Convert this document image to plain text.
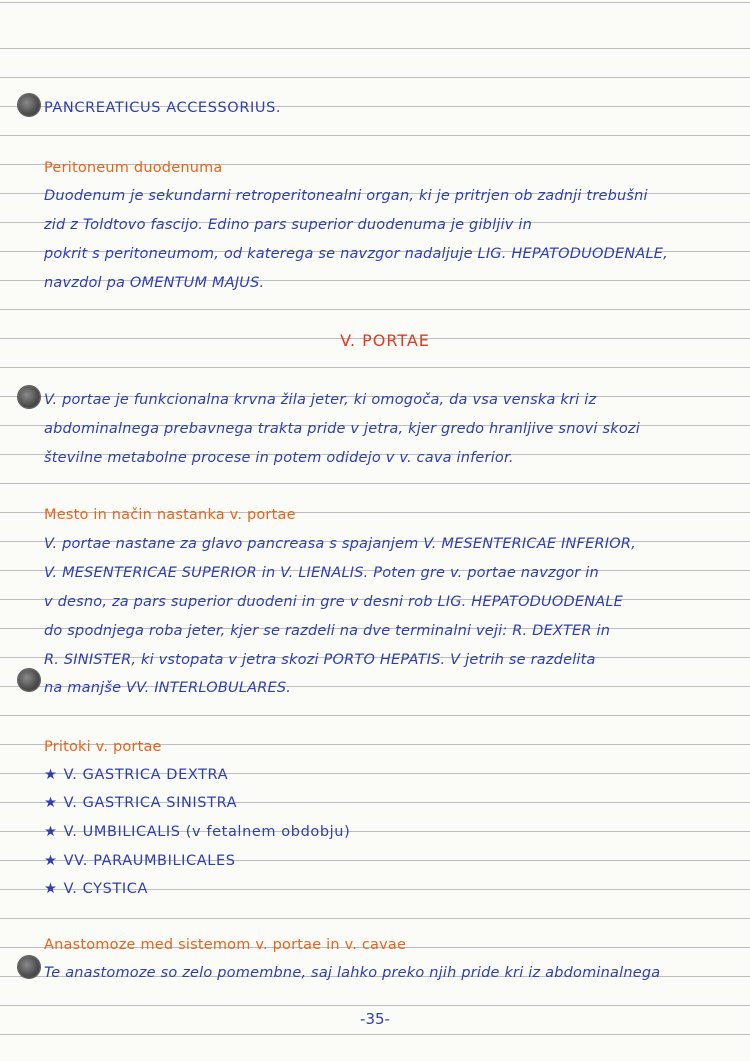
PANCREATICUS ACCESSORIUS.
Peritoneum duodenuma
Duodenum je sekundarni retroperitonealni organ, ki je pritrjen ob zadnji trebušni
zid z Toldtovo fascijo. Edino pars superior duodenuma je gibljiv in
pokrit s peritoneumom, od katerega se navzgor nadaljuje LIG. HEPATODUODENALE,
navzdol pa OMENTUM MAJUS.
V. PORTAE
V. portae je funkcionalna krvna žila jeter, ki omogoča, da vsa venska kri iz
abdominalnega prebavnega trakta pride v jetra, kjer gredo hranljive snovi skozi
številne metabolne procese in potem odidejo v v. cava inferior.
Mesto in način nastanka v. portae
V. portae nastane za glavo pancreasa s spajanjem V. MESENTERICAE INFERIOR,
V. MESENTERICAE SUPERIOR in V. LIENALIS. Poten gre v. portae navzgor in
v desno, za pars superior duodeni in gre v desni rob LIG. HEPATODUODENALE
do spodnjega roba jeter, kjer se razdeli na dve terminalni veji: R. DEXTER in
R. SINISTER, ki vstopata v jetra skozi PORTO HEPATIS. V jetrih se razdelita
na manjše VV. INTERLOBULARES.
Pritoki v. portae
★ V. GASTRICA DEXTRA
★ V. GASTRICA SINISTRA
★ V. UMBILICALIS (v fetalnem obdobju)
★ VV. PARAUMBILICALES
★ V. CYSTICA
Anastomoze med sistemom v. portae in v. cavae
Te anastomoze so zelo pomembne, saj lahko preko njih pride kri iz abdominalnega
-35-
